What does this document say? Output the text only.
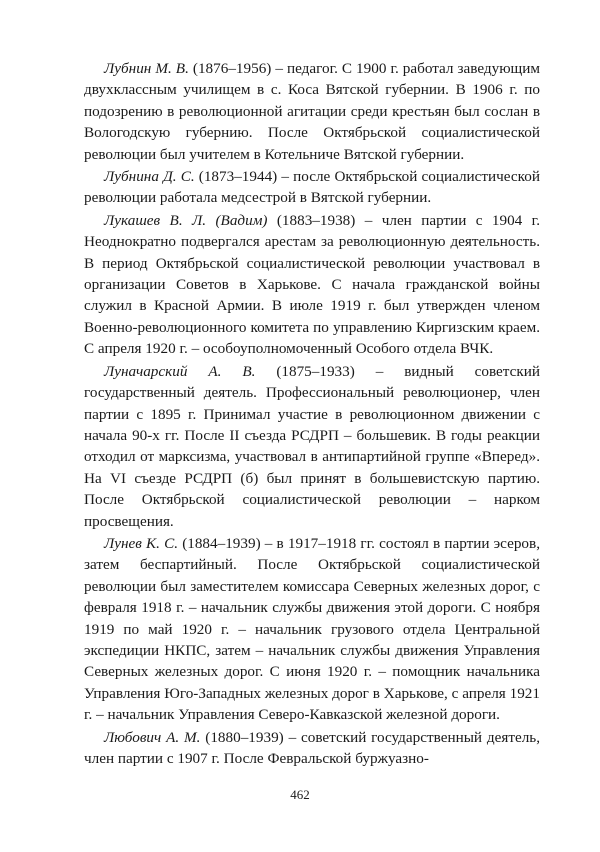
Лубнин М. В. (1876–1956) – педагог. С 1900 г. работал заведующим двухклассным училищем в с. Коса Вятской губернии. В 1906 г. по подозрению в революционной агитации среди крестьян был сослан в Вологодскую губернию. После Октябрьской социалистической революции был учителем в Котельниче Вятской губернии.

Лубнина Д. С. (1873–1944) – после Октябрьской социалистической революции работала медсестрой в Вятской губернии.

Лукашев В. Л. (Вадим) (1883–1938) – член партии с 1904 г. Неоднократно подвергался арестам за революционную деятельность. В период Октябрьской социалистической революции участвовал в организации Советов в Харькове. С начала гражданской войны служил в Красной Армии. В июле 1919 г. был утвержден членом Военно-революционного комитета по управлению Киргизским краем. С апреля 1920 г. – особоуполномоченный Особого отдела ВЧК.

Луначарский А. В. (1875–1933) – видный советский государственный деятель. Профессиональный революционер, член партии с 1895 г. Принимал участие в революционном движении с начала 90-х гг. После II съезда РСДРП – большевик. В годы реакции отходил от марксизма, участвовал в антипартийной группе «Вперед». На VI съезде РСДРП (б) был принят в большевистскую партию. После Октябрьской социалистической революции – нарком просвещения.

Лунев К. С. (1884–1939) – в 1917–1918 гг. состоял в партии эсеров, затем беспартийный. После Октябрьской социалистической революции был заместителем комиссара Северных железных дорог, с февраля 1918 г. – начальник службы движения этой дороги. С ноября 1919 по май 1920 г. – начальник грузового отдела Центральной экспедиции НКПС, затем – начальник службы движения Управления Северных железных дорог. С июня 1920 г. – помощник начальника Управления Юго-Западных железных дорог в Харькове, с апреля 1921 г. – начальник Управления Северо-Кавказской железной дороги.

Любович А. М. (1880–1939) – советский государственный деятель, член партии с 1907 г. После Февральской буржуазно-

462
